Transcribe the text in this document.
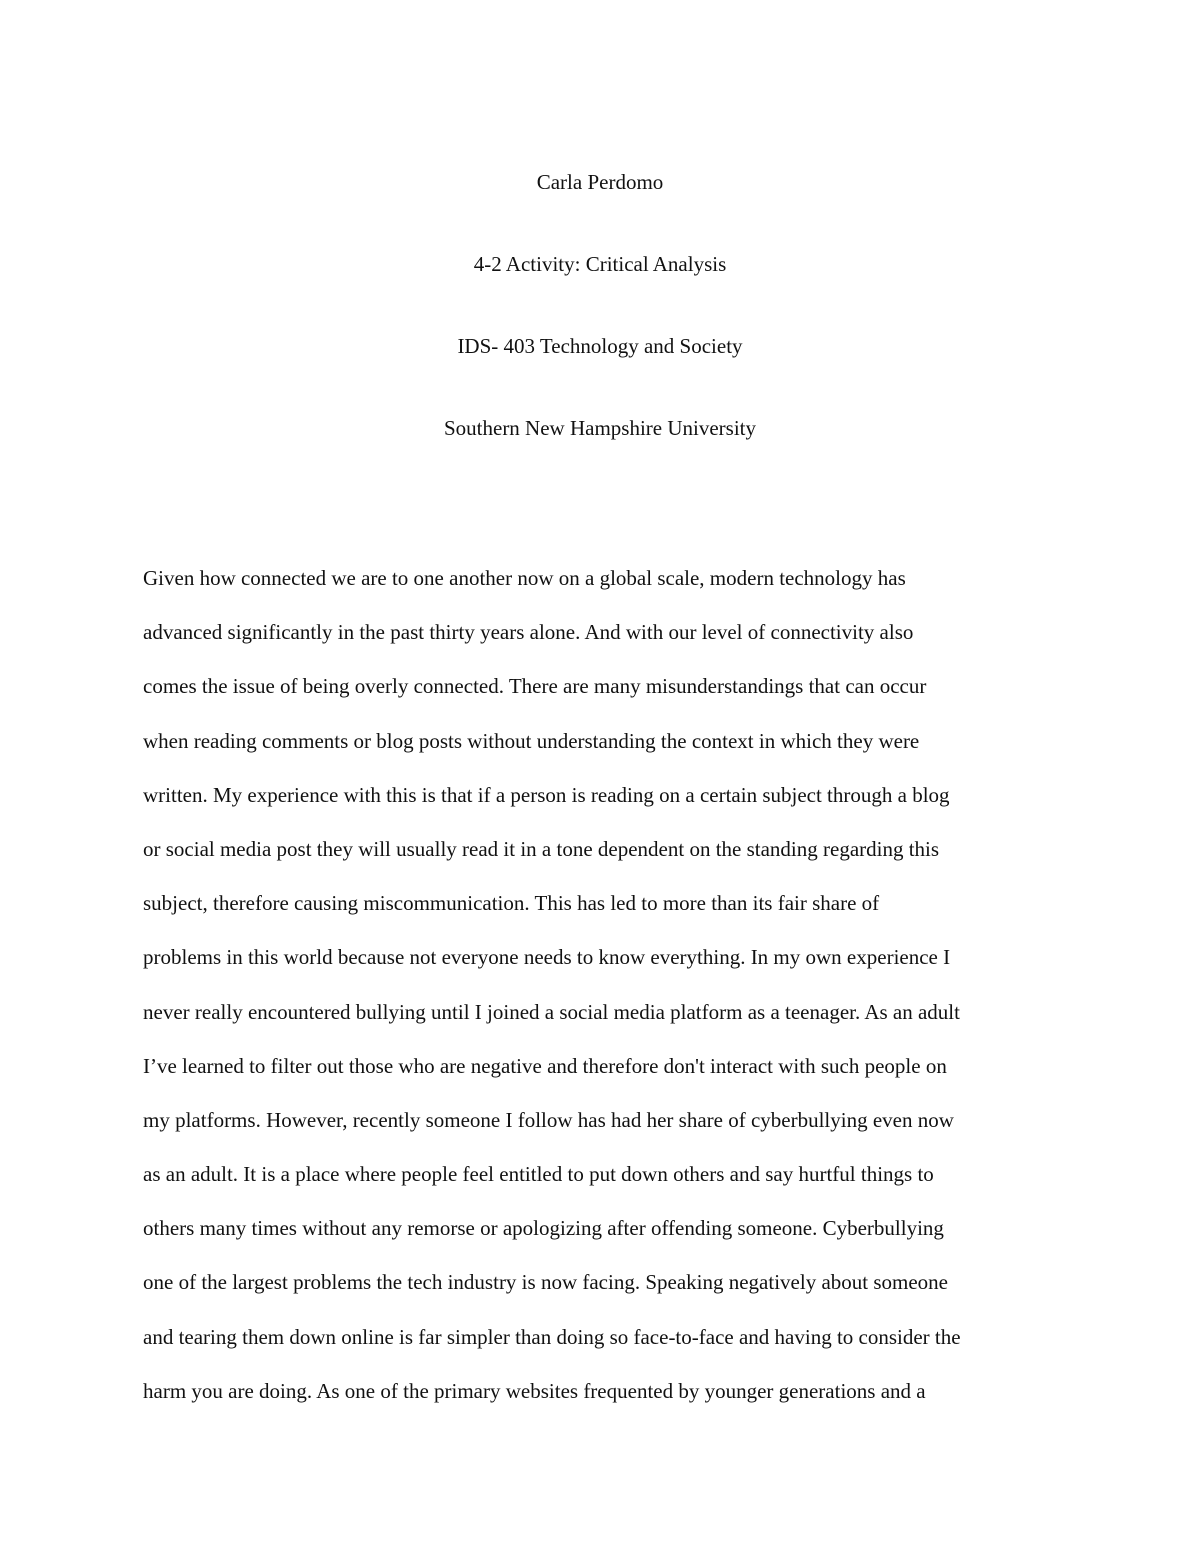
Carla Perdomo
4-2 Activity: Critical Analysis
IDS- 403 Technology and Society
Southern New Hampshire University
Given how connected we are to one another now on a global scale, modern technology has
advanced significantly in the past thirty years alone. And with our level of connectivity also
comes the issue of being overly connected. There are many misunderstandings that can occur
when reading comments or blog posts without understanding the context in which they were
written. My experience with this is that if a person is reading on a certain subject through a blog
or social media post they will usually read it in a tone dependent on the standing regarding this
subject, therefore causing miscommunication. This has led to more than its fair share of
problems in this world because not everyone needs to know everything. In my own experience I
never really encountered bullying until I joined a social media platform as a teenager. As an adult
I’ve learned to filter out those who are negative and therefore don't interact with such people on
my platforms. However, recently someone I follow has had her share of cyberbullying even now
as an adult. It is a place where people feel entitled to put down others and say hurtful things to
others many times without any remorse or apologizing after offending someone. Cyberbullying
one of the largest problems the tech industry is now facing. Speaking negatively about someone
and tearing them down online is far simpler than doing so face-to-face and having to consider the
harm you are doing. As one of the primary websites frequented by younger generations and a
